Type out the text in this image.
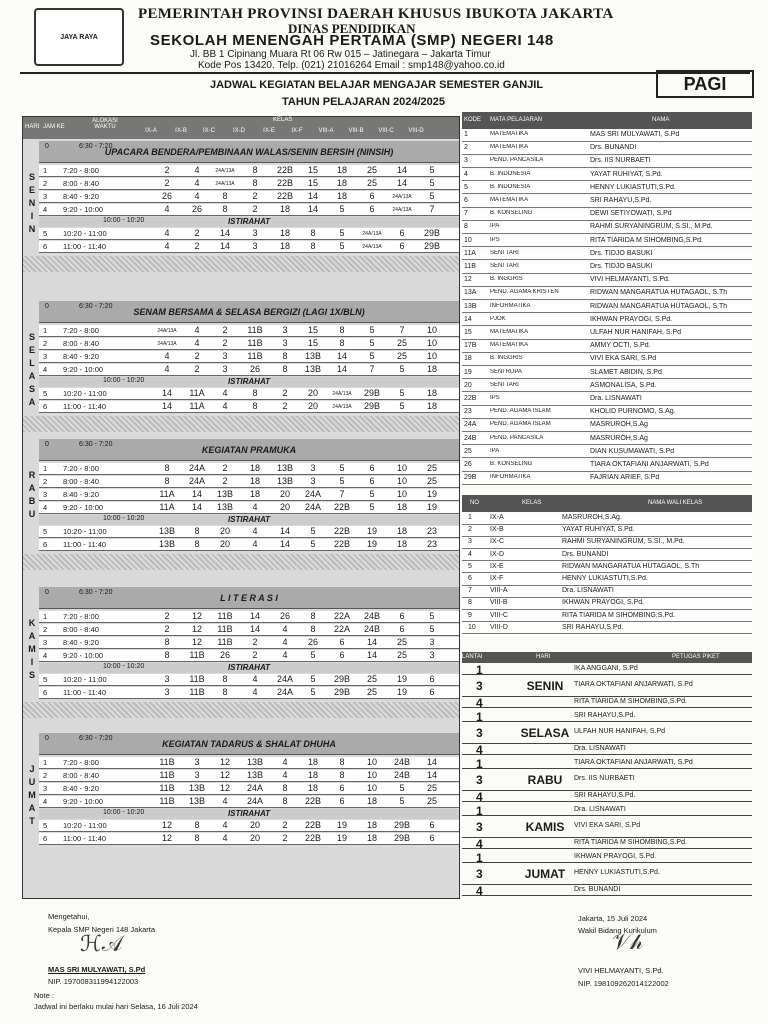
JAYA RAYA
PEMERINTAH PROVINSI DAERAH KHUSUS IBUKOTA JAKARTA
DINAS PENDIDIKAN
SEKOLAH MENENGAH PERTAMA (SMP) NEGERI 148
Jl. BB 1 Cipinang Muara Rt 06 Rw 015 – Jatinegara – Jakarta Timur
Kode Pos 13420. Telp. (021) 21016264 Email : smp148@yahoo.co.id
JADWAL KEGIATAN BELAJAR MENGAJAR SEMESTER GANJIL
TAHUN PELAJARAN 2024/2025
PAGI
HARI JAM KE
ALOKASI WAKTU
KELAS
IX-A	IX-B	IX-C	IX-D	IX-E	IX-F	VIII-A	VIII-B	VIII-C	VIII-D
S
E
N
I
N
0	6:30 - 7:20
UPACARA BENDERA/PEMBINAAN WALAS/SENIN BERSIH (NINSIH)
1 7:20 - 8:00	2	4	24A/13A	8	22B	15	18	25	14	5
2 8:00 - 8:40	2	4	24A/13A	8	22B	15	18	25	14	5
3 8:40 - 9:20	26	4	8	2	22B	14	18	6	24A/13A	5
4 9:20 - 10:00	4	26	8	2	18	14	5	6	24A/13A	7
10:00 - 10:20	ISTIRAHAT
5 10:20 - 11:00	4	2	14	3	18	8	5	24A/13A	6	29B
6 11:00 - 11:40	4	2	14	3	18	8	5	24A/13A	6	29B
S
E
L
A
S
A
0	6:30 - 7:20 SENAM BERSAMA & SELASA BERGIZI (LAGI 1X/BLN)
1 7:20 - 8:00	24A/13A	4	2	11B	3	15	8	5	7	10
2 8:00 - 8:40	24A/13A	4	2	11B	3	15	8	5	25	10
3 8:40 - 9:20	4	2	3	11B	8	13B	14	5	25	10
4 9:20 - 10:00	4	2	3	26	8	13B	14	7	5	18
10:00 - 10:20	ISTIRAHAT
5 10:20 - 11:00	14	11A	4	8	2	20	24A/13A	29B	5	18
6 11:00 - 11:40	14	11A	4	8	2	20	24A/13A	29B	5	18
R
A
B
U
0	6:30 - 7:20	KEGIATAN PRAMUKA
1 7:20 - 8:00	8	24A	2	18	13B	3	5	6	10	25
2 8:00 - 8:40	8	24A	2	18	13B	3	5	6	10	25
3 8:40 - 9:20	11A	14	13B	18	20	24A	7	5	10	19
4 9:20 - 10:00	11A	14	13B	4	20	24A	22B	5	18	19
10:00 - 10:20	ISTIRAHAT
5 10:20 - 11:00	13B	8	20	4	14	5	22B	19	18	23
6 11:00 - 11:40	13B	8	20	4	14	5	22B	19	18	23
K
A
M
I
S
0	6:30 - 7:20	L I T E R A S I
1 7:20 - 8:00	2	12	11B	14	26	8	22A	24B	6	5
2 8:00 - 8:40	2	12	11B	14	4	8	22A	24B	6	5
3 8:40 - 9:20	8	12	11B	2	4	26	6	14	25	3
4 9:20 - 10:00	8	11B	26	2	4	5	6	14	25	3
10:00 - 10:20	ISTIRAHAT
5 10:20 - 11:00	3	11B	8	4	24A	5	29B	25	19	6
6 11:00 - 11:40	3	11B	8	4	24A	5	29B	25	19	6
J
U
M
A
T
0	6:30 - 7:20	KEGIATAN TADARUS & SHALAT DHUHA
1 7:20 - 8:00	11B	3	12	13B	4	18	8	10	24B	14
2 8:00 - 8:40	11B	3	12	13B	4	18	8	10	24B	14
3 8:40 - 9:20	11B	13B	12	24A	8	18	6	10	5	25
4 9:20 - 10:00	11B	13B	4	24A	8	22B	6	18	5	25
10:00 - 10:20	ISTIRAHAT
5 10:20 - 11:00	12	8	4	20	2	22B	19	18	29B	6
6 11:00 - 11:40	12	8	4	20	2	22B	19	18	29B	6
KODE MATA PELAJARAN	NAMA
1	MATEMATIKA	MAS SRI MULYAWATI, S.Pd
2	MATEMATIKA	Drs. BUNANDI
3	PEND. PANCASILA	Drs. IIS NURBAETI
4	B. INDONESIA	YAYAT RUHIYAT, S.Pd.
5	B. INDONESIA	HENNY LUKIASTUTI,S.Pd.
6	MATEMATIKA	SRI RAHAYU,S.Pd.
7	B. KONSELING	DEWI SETIYOWATI, S.Pd
8	IPA	RAHMI SURYANINGRUM, S.SI., M.Pd.
10	IPS	RITA TIARIDA M SIHOMBING,S.Pd.
11A	SENI TARI	Drs. TIDJO BASUKI
11B	SENI TARI	Drs. TIDJO BASUKI
12	B. INGGRIS	VIVI HELMAYANTI, S.Pd.
13A	PEND. AGAMA KRISTEN	RIDWAN MANGARATUA HUTAGAOL, S.Th
13B	INFORMATIKA	RIDWAN MANGARATUA HUTAGAOL, S.Th
14	PJOK	IKHWAN PRAYOGI, S.Pd.
15	MATEMATIKA	ULFAH NUR HANIFAH, S.Pd
17B	MATEMATIKA	AMMY OCTI, S.Pd.
18	B. INGGRIS	VIVI EKA SARI, S.Pd
19	SENI RUPA	SLAMET ABIDIN, S.Pd
20	SENI TARI	ASMONALISA, S.Pd.
22B	IPS	Dra. LISNAWATI
23	PEND. AGAMA ISLAM	KHOLID PURNOMO, S.Ag.
24A	PEND. AGAMA ISLAM	MASRUROH,S.Ag
24B	PEND. PANCASILA	MASRUROH,S.Ag
25	IPA	DIAN KUSUMAWATI, S.Pd
26	B. KONSELING	TIARA OKTAFIANI ANJARWATI, S.Pd
29B	INFORMATIKA	FAJRIAN ARIEF, S.Pd
NO	KELAS	NAMA WALI KELAS
1	IX-A	MASRUROH,S.Ag.
2	IX-B	YAYAT RUHIYAT, S.Pd.
3	IX-C	RAHMI SURYANINGRUM, S.SI., M.Pd.
4	IX-D	Drs. BUNANDI
5	IX-E	RIDWAN MANGARATUA HUTAGAOL, S.Th
6	IX-F	HENNY LUKIASTUTI,S.Pd.
7	VIII-A	Dra. LISNAWATI
8	VIII-B	IKHWAN PRAYOGI, S.Pd.
9	VIII-C	RITA TIARIDA M SIHOMBING,S.Pd.
10	VIII-D	SRI RAHAYU,S.Pd.
LANTAI	HARI	PETUGAS PIKET
SENIN
1	IKA ANGGANI, S.Pd
3	TIARA OKTAFIANI ANJARWATI, S.Pd
4	RITA TIARIDA M SIHOMBING,S.Pd.
SELASA
1	SRI RAHAYU,S.Pd.
3	ULFAH NUR HANIFAH, S.Pd
4	Dra. LISNAWATI
RABU
1	TIARA OKTAFIANI ANJARWATI, S.Pd
3	Drs. IIS NURBAETI
4	SRI RAHAYU,S.Pd.
KAMIS
1	Dra. LISNAWATI
3	VIVI EKA SARI, S.Pd
4	RITA TIARIDA M SIHOMBING,S.Pd.
JUMAT
1	IKHWAN PRAYOGI, S.Pd.
3	HENNY LUKIASTUTI,S.Pd.
4	Drs. BUNANDI
Mengetahui,
Kepala SMP Negeri 148 Jakarta
ℋ𝒜
MAS SRI MULYAWATI, S.Pd
NIP. 197008311994122003
Note :
Jadwal ini berlaku mulai hari Selasa, 16 Juli 2024
Jakarta, 15 Juli 2024
Wakil Bidang Kurikulum
𝒱𝒽
VIVI HELMAYANTI, S.Pd.
NIP. 198109262014122002
